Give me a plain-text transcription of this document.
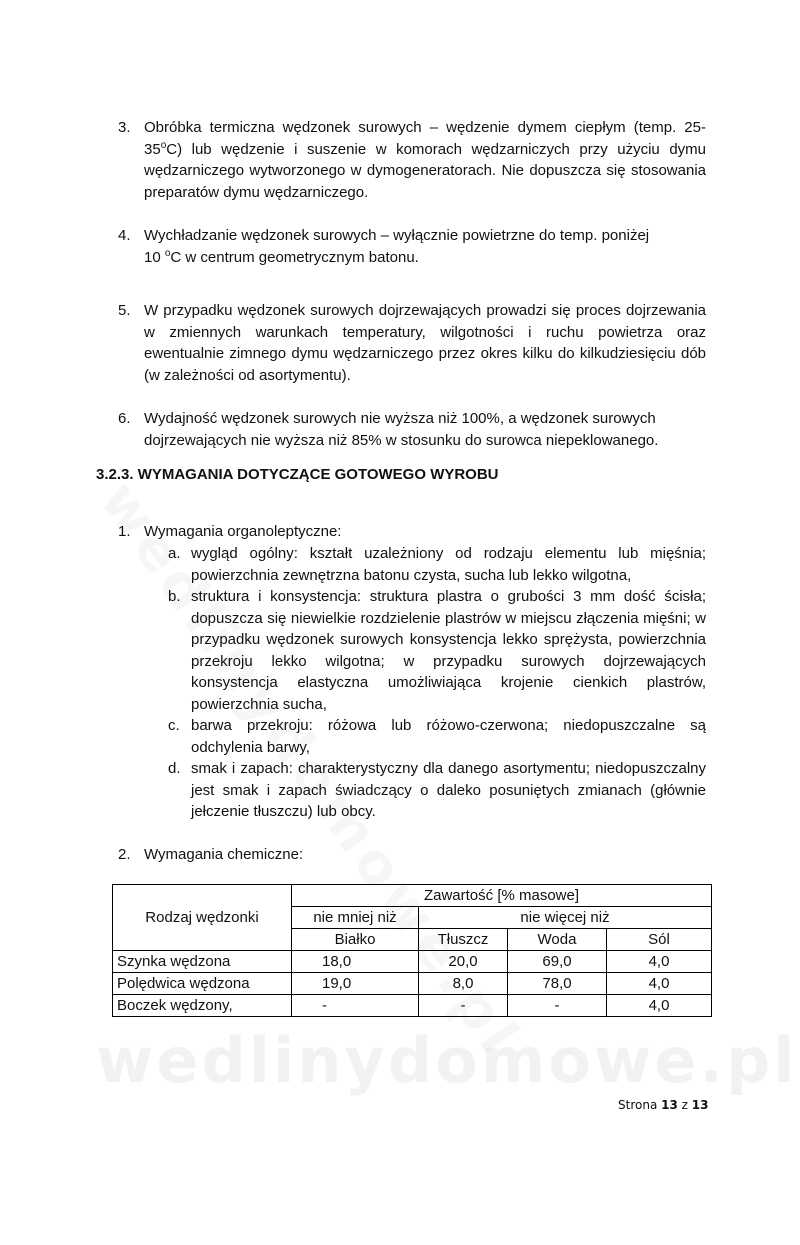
wedlinydomowe.pl
3. Obróbka termiczna wędzonek surowych – wędzenie dymem ciepłym (temp. 25-35$^o$C) lub wędzenie i suszenie w komorach wędzarniczych przy użyciu dymu wędzarniczego wytworzonego w dymogeneratorach. Nie dopuszcza się stosowania preparatów dymu wędzarniczego.
4. Wychładzanie wędzonek surowych – wyłącznie powietrzne do temp. poniżej
10 $^o$C w centrum geometrycznym batonu.
5. W przypadku wędzonek surowych dojrzewających prowadzi się proces dojrzewania w zmiennych warunkach temperatury, wilgotności i ruchu powietrza oraz ewentualnie zimnego dymu wędzarniczego przez okres kilku do kilkudziesięciu dób (w zależności od asortymentu).
6. Wydajność wędzonek surowych nie wyższa niż 100%, a wędzonek surowych
dojrzewających nie wyższa niż 85% w stosunku do surowca niepeklowanego.
3.2.3. WYMAGANIA DOTYCZĄCE GOTOWEGO WYROBU
1. Wymagania organoleptyczne:
a. wygląd ogólny: kształt uzależniony od rodzaju elementu lub mięśnia; powierzchnia zewnętrzna batonu czysta, sucha lub lekko wilgotna,
b. struktura i konsystencja: struktura plastra o grubości 3 mm dość ścisła; dopuszcza się niewielkie rozdzielenie plastrów w miejscu złączenia mięśni; w przypadku wędzonek surowych konsystencja lekko sprężysta, powierzchnia przekroju lekko wilgotna; w przypadku surowych dojrzewających konsystencja elastyczna umożliwiająca krojenie cienkich plastrów, powierzchnia sucha,
c. barwa przekroju: różowa lub różowo-czerwona; niedopuszczalne są odchylenia barwy,
d. smak i zapach: charakterystyczny dla danego asortymentu; niedopuszczalny jest smak i zapach świadczący o daleko posuniętych zmianach (głównie jełczenie tłuszczu) lub obcy.
2. Wymagania chemiczne:
Rodzaj wędzonki	Zawartość [% masowe]			
	nie mniej niż	nie więcej niż		
	Białko	Tłuszcz	Woda	Sól
Szynka wędzona	18,0	20,0	69,0	4,0
Polędwica wędzona	19,0	8,0	78,0	4,0
Boczek wędzony,	-	-	-	4,0
Strona 13 z 13
